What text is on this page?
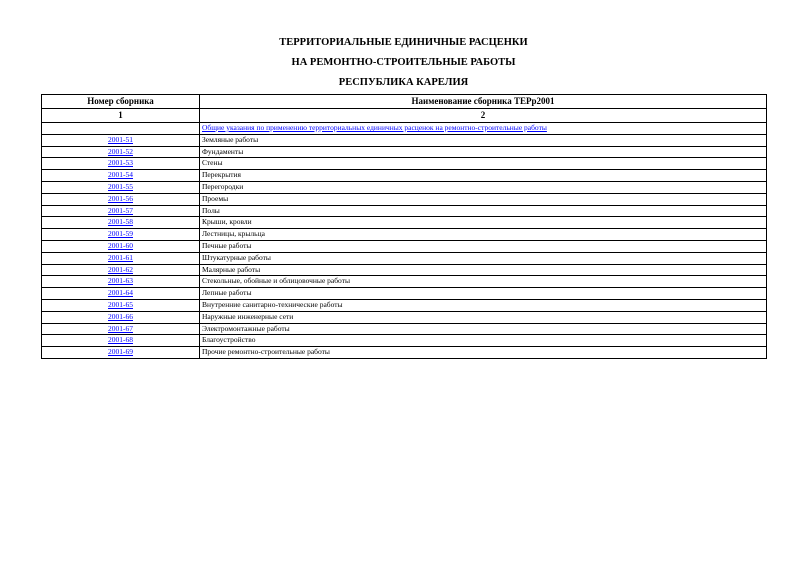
ТЕРРИТОРИАЛЬНЫЕ ЕДИНИЧНЫЕ РАСЦЕНКИ
НА РЕМОНТНО-СТРОИТЕЛЬНЫЕ РАБОТЫ
РЕСПУБЛИКА КАРЕЛИЯ
Номер сборника	Наименование сборника ТЕРр2001
1	2
	Общие указания по применению территориальных единичных расценок на ремонтно-строительные работы
2001-51	Земляные работы
2001-52	Фундаменты
2001-53	Стены
2001-54	Перекрытия
2001-55	Перегородки
2001-56	Проемы
2001-57	Полы
2001-58	Крыши, кровли
2001-59	Лестницы, крыльца
2001-60	Печные работы
2001-61	Штукатурные работы
2001-62	Малярные работы
2001-63	Стекольные, обойные и облицовочные работы
2001-64	Лепные работы
2001-65	Внутренние санитарно-технические работы
2001-66	Наружные инженерные сети
2001-67	Электромонтажные работы
2001-68	Благоустройство
2001-69	Прочие ремонтно-строительные работы
